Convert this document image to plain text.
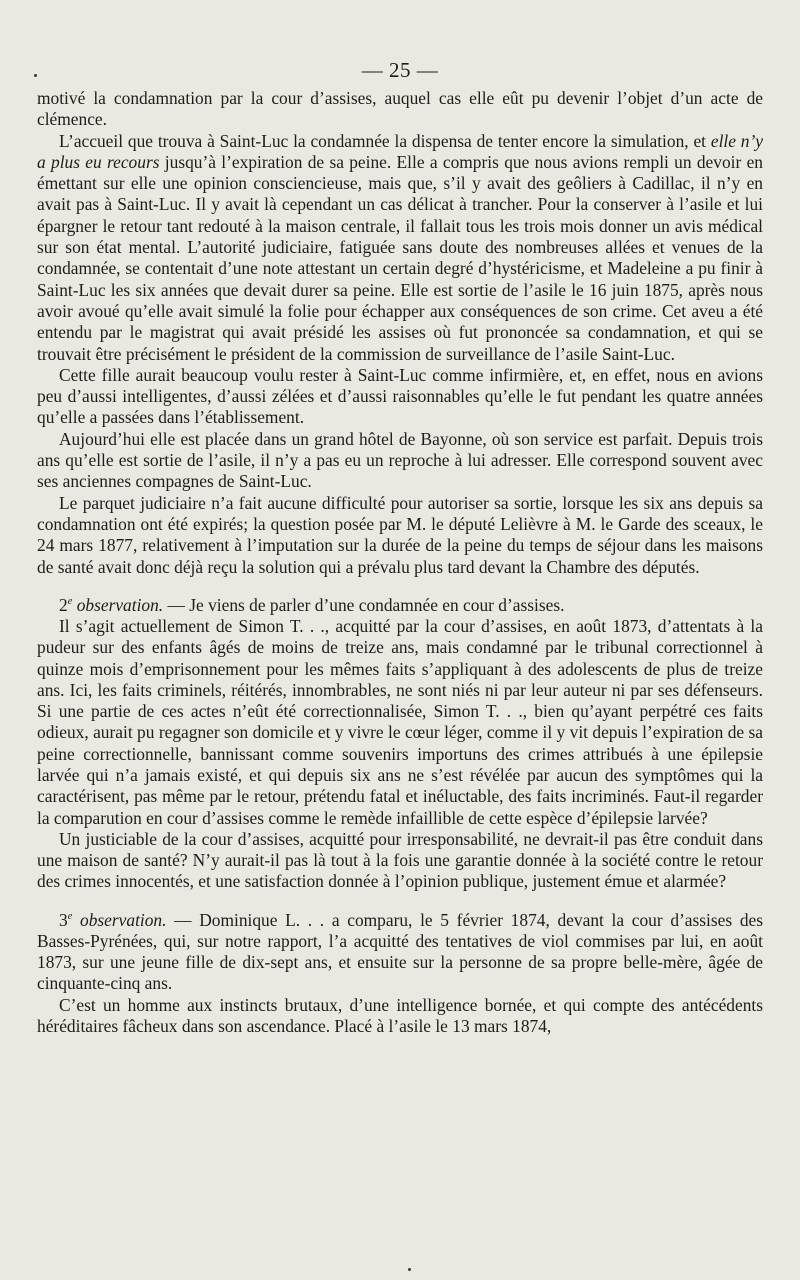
— 25 —

motivé la condamnation par la cour d’assises, auquel cas elle eût pu devenir l’objet d’un acte de clémence.

L’accueil que trouva à Saint-Luc la condamnée la dispensa de tenter encore la simulation, et elle n’y a plus eu recours jusqu’à l’expiration de sa peine. Elle a compris que nous avions rempli un devoir en émettant sur elle une opinion consciencieuse, mais que, s’il y avait des geôliers à Cadillac, il n’y en avait pas à Saint-Luc. Il y avait là cependant un cas délicat à trancher. Pour la conserver à l’asile et lui épargner le retour tant redouté à la maison centrale, il fallait tous les trois mois donner un avis médical sur son état mental. L’autorité judiciaire, fatiguée sans doute des nombreuses allées et venues de la condamnée, se contentait d’une note attestant un certain degré d’hystéricisme, et Madeleine a pu finir à Saint-Luc les six années que devait durer sa peine. Elle est sortie de l’asile le 16 juin 1875, après nous avoir avoué qu’elle avait simulé la folie pour échapper aux conséquences de son crime. Cet aveu a été entendu par le magistrat qui avait présidé les assises où fut prononcée sa condamnation, et qui se trouvait être précisément le président de la commission de surveillance de l’asile Saint-Luc.

Cette fille aurait beaucoup voulu rester à Saint-Luc comme infirmière, et, en effet, nous en avions peu d’aussi intelligentes, d’aussi zélées et d’aussi raisonnables qu’elle le fut pendant les quatre années qu’elle a passées dans l’établissement.

Aujourd’hui elle est placée dans un grand hôtel de Bayonne, où son service est parfait. Depuis trois ans qu’elle est sortie de l’asile, il n’y a pas eu un reproche à lui adresser. Elle correspond souvent avec ses anciennes compagnes de Saint-Luc.

Le parquet judiciaire n’a fait aucune difficulté pour autoriser sa sortie, lorsque les six ans depuis sa condamnation ont été expirés; la question posée par M. le député Lelièvre à M. le Garde des sceaux, le 24 mars 1877, relativement à l’imputation sur la durée de la peine du temps de séjour dans les maisons de santé avait donc déjà reçu la solution qui a prévalu plus tard devant la Chambre des députés.

2e observation. — Je viens de parler d’une condamnée en cour d’assises.

Il s’agit actuellement de Simon T. . ., acquitté par la cour d’assises, en août 1873, d’attentats à la pudeur sur des enfants âgés de moins de treize ans, mais condamné par le tribunal correctionnel à quinze mois d’emprisonnement pour les mêmes faits s’appliquant à des adolescents de plus de treize ans. Ici, les faits criminels, réitérés, innombrables, ne sont niés ni par leur auteur ni par ses défenseurs. Si une partie de ces actes n’eût été correctionnalisée, Simon T. . ., bien qu’ayant perpétré ces faits odieux, aurait pu regagner son domicile et y vivre le cœur léger, comme il y vit depuis l’expiration de sa peine correctionnelle, bannissant comme souvenirs importuns des crimes attribués à une épilepsie larvée qui n’a jamais existé, et qui depuis six ans ne s’est révélée par aucun des symptômes qui la caractérisent, pas même par le retour, prétendu fatal et inéluctable, des faits incriminés. Faut-il regarder la comparution en cour d’assises comme le remède infaillible de cette espèce d’épilepsie larvée?

Un justiciable de la cour d’assises, acquitté pour irresponsabilité, ne devrait-il pas être conduit dans une maison de santé? N’y aurait-il pas là tout à la fois une garantie donnée à la société contre le retour des crimes innocentés, et une satisfaction donnée à l’opinion publique, justement émue et alarmée?

3e observation. — Dominique L. . . a comparu, le 5 février 1874, devant la cour d’assises des Basses-Pyrénées, qui, sur notre rapport, l’a acquitté des tentatives de viol commises par lui, en août 1873, sur une jeune fille de dix-sept ans, et ensuite sur la personne de sa propre belle-mère, âgée de cinquante-cinq ans.

C’est un homme aux instincts brutaux, d’une intelligence bornée, et qui compte des antécédents héréditaires fâcheux dans son ascendance. Placé à l’asile le 13 mars 1874,
